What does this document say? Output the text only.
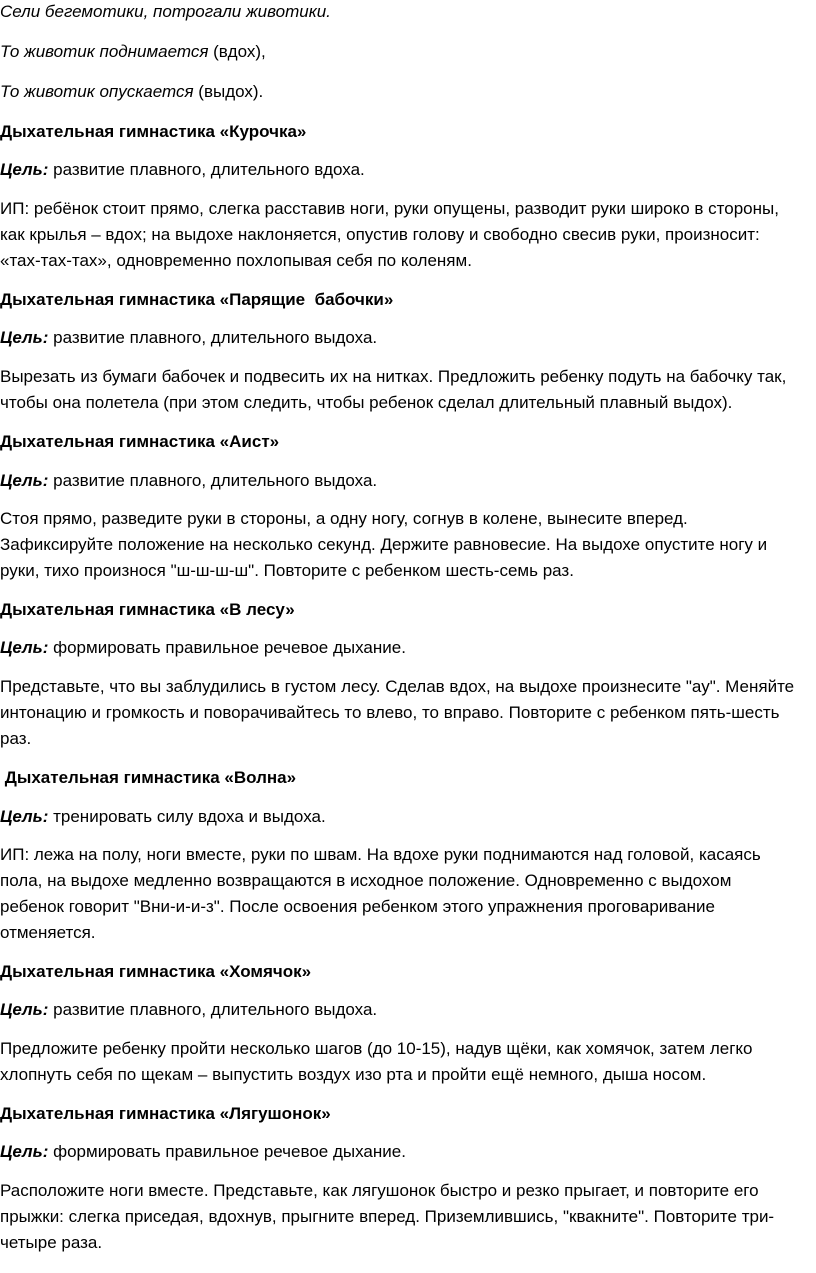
Сели бегемотики, потрогали животики.

То животик поднимается (вдох),

То животик опускается (выдох).

Дыхательная гимнастика «Курочка»

Цель: развитие плавного, длительного вдоха.

ИП: ребёнок стоит прямо, слегка расставив ноги, руки опущены, разводит руки широко в стороны,

как крылья – вдох; на выдохе наклоняется, опустив голову и свободно свесив руки, произносит:

«тах-тах-тах», одновременно похлопывая себя по коленям.

Дыхательная гимнастика «Парящие  бабочки»

Цель: развитие плавного, длительного выдоха.

Вырезать из бумаги бабочек и подвесить их на нитках. Предложить ребенку подуть на бабочку так,

чтобы она полетела (при этом следить, чтобы ребенок сделал длительный плавный выдох).

Дыхательная гимнастика «Аист»

Цель: развитие плавного, длительного выдоха.

Стоя прямо, разведите руки в стороны, а одну ногу, согнув в колене, вынесите вперед.

Зафиксируйте положение на несколько секунд. Держите равновесие. На выдохе опустите ногу и

руки, тихо произнося "ш-ш-ш-ш". Повторите с ребенком шесть-семь раз.

Дыхательная гимнастика «В лесу»

Цель: формировать правильное речевое дыхание.

Представьте, что вы заблудились в густом лесу. Сделав вдох, на выдохе произнесите "ау". Меняйте

интонацию и громкость и поворачивайтесь то влево, то вправо. Повторите с ребенком пять-шесть

раз.

Дыхательная гимнастика «Волна»

Цель: тренировать силу вдоха и выдоха.

ИП: лежа на полу, ноги вместе, руки по швам. На вдохе руки поднимаются над головой, касаясь

пола, на выдохе медленно возвращаются в исходное положение. Одновременно с выдохом

ребенок говорит "Вни-и-и-з". После освоения ребенком этого упражнения проговаривание

отменяется.

Дыхательная гимнастика «Хомячок»

Цель: развитие плавного, длительного выдоха.

Предложите ребенку пройти несколько шагов (до 10-15), надув щёки, как хомячок, затем легко

хлопнуть себя по щекам – выпустить воздух изо рта и пройти ещё немного, дыша носом.

Дыхательная гимнастика «Лягушонок»

Цель: формировать правильное речевое дыхание.

Расположите ноги вместе. Представьте, как лягушонок быстро и резко прыгает, и повторите его

прыжки: слегка приседая, вдохнув, прыгните вперед. Приземлившись, "квакните". Повторите три-

четыре раза.
